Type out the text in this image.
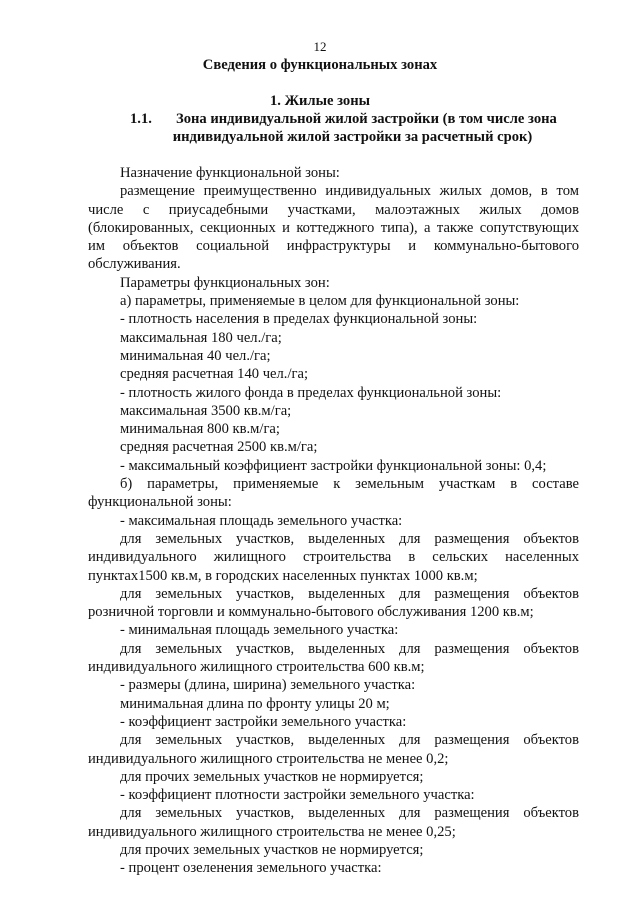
12
Сведения о функциональных зонах
1. Жилые зоны
1.1. Зона индивидуальной жилой застройки (в том числе зона
индивидуальной жилой застройки за расчетный срок)

Назначение функциональной зоны:

размещение преимущественно индивидуальных жилых домов, в том числе с приусадебными участками, малоэтажных жилых домов (блокированных, секционных и коттеджного типа), а также сопутствующих им объектов социальной инфраструктуры и коммунально-бытового обслуживания.

Параметры функциональных зон:

а) параметры, применяемые в целом для функциональной зоны:

- плотность населения в пределах функциональной зоны:

максимальная 180 чел./га;

минимальная 40 чел./га;

средняя расчетная 140 чел./га;

- плотность жилого фонда в пределах функциональной зоны:

максимальная 3500 кв.м/га;

минимальная 800 кв.м/га;

средняя расчетная 2500 кв.м/га;

- максимальный коэффициент застройки функциональной зоны: 0,4;

б) параметры, применяемые к земельным участкам в составе функциональной зоны:

- максимальная площадь земельного участка:

для земельных участков, выделенных для размещения объектов индивидуального жилищного строительства в сельских населенных пунктах1500 кв.м, в городских населенных пунктах 1000 кв.м;

для земельных участков, выделенных для размещения объектов розничной торговли и коммунально-бытового обслуживания 1200 кв.м;

- минимальная площадь земельного участка:

для земельных участков, выделенных для размещения объектов индивидуального жилищного строительства 600 кв.м;

- размеры (длина, ширина) земельного участка:

минимальная длина по фронту улицы 20 м;

- коэффициент застройки земельного участка:

для земельных участков, выделенных для размещения объектов индивидуального жилищного строительства не менее 0,2;

для прочих земельных участков не нормируется;

- коэффициент плотности застройки земельного участка:

для земельных участков, выделенных для размещения объектов индивидуального жилищного строительства не менее 0,25;

для прочих земельных участков не нормируется;

- процент озеленения земельного участка:
